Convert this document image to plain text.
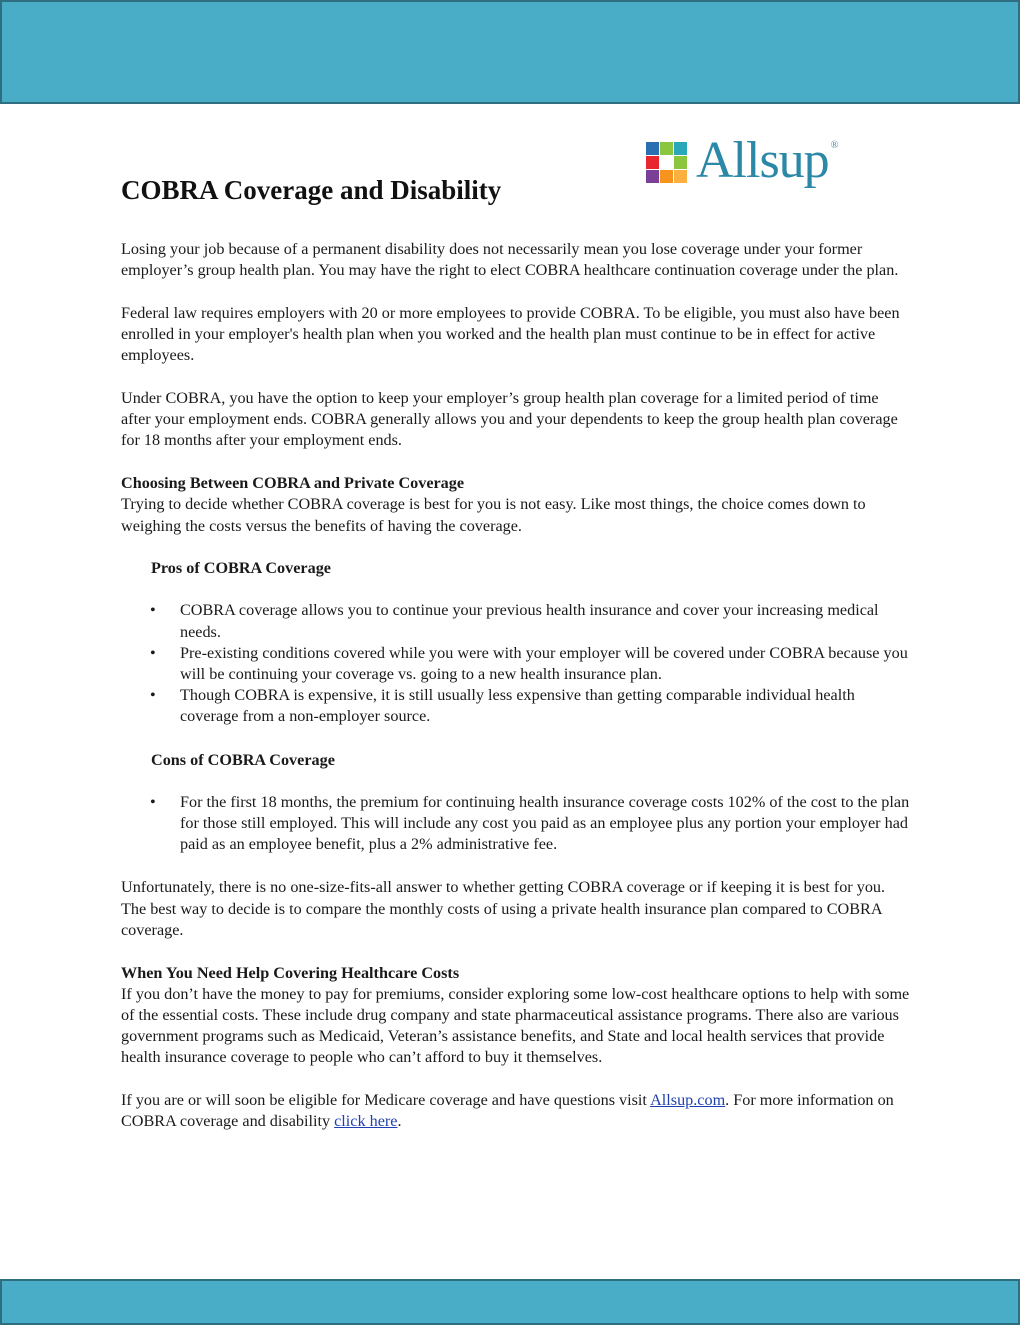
Allsup ®
COBRA Coverage and Disability

Losing your job because of a permanent disability does not necessarily mean you lose coverage under your former employer’s group health plan. You may have the right to elect COBRA healthcare continuation coverage under the plan.

Federal law requires employers with 20 or more employees to provide COBRA. To be eligible, you must also have been enrolled in your employer's health plan when you worked and the health plan must continue to be in effect for active employees.

Under COBRA, you have the option to keep your employer’s group health plan coverage for a limited period of time after your employment ends. COBRA generally allows you and your dependents to keep the group health plan coverage for 18 months after your employment ends.

Choosing Between COBRA and Private Coverage
Trying to decide whether COBRA coverage is best for you is not easy. Like most things, the choice comes down to weighing the costs versus the benefits of having the coverage.

Pros of COBRA Coverage
• COBRA coverage allows you to continue your previous health insurance and cover your increasing medical needs.
• Pre-existing conditions covered while you were with your employer will be covered under COBRA because you will be continuing your coverage vs. going to a new health insurance plan.
• Though COBRA is expensive, it is still usually less expensive than getting comparable individual health coverage from a non-employer source.
Cons of COBRA Coverage
• For the first 18 months, the premium for continuing health insurance coverage costs 102% of the cost to the plan for those still employed. This will include any cost you paid as an employee plus any portion your employer had paid as an employee benefit, plus a 2% administrative fee.

Unfortunately, there is no one-size-fits-all answer to whether getting COBRA coverage or if keeping it is best for you. The best way to decide is to compare the monthly costs of using a private health insurance plan compared to COBRA coverage.

When You Need Help Covering Healthcare Costs
If you don’t have the money to pay for premiums, consider exploring some low-cost healthcare options to help with some of the essential costs. These include drug company and state pharmaceutical assistance programs. There also are various government programs such as Medicaid, Veteran’s assistance benefits, and State and local health services that provide health insurance coverage to people who can’t afford to buy it themselves.

If you are or will soon be eligible for Medicare coverage and have questions visit Allsup.com. For more information on COBRA coverage and disability click here.
